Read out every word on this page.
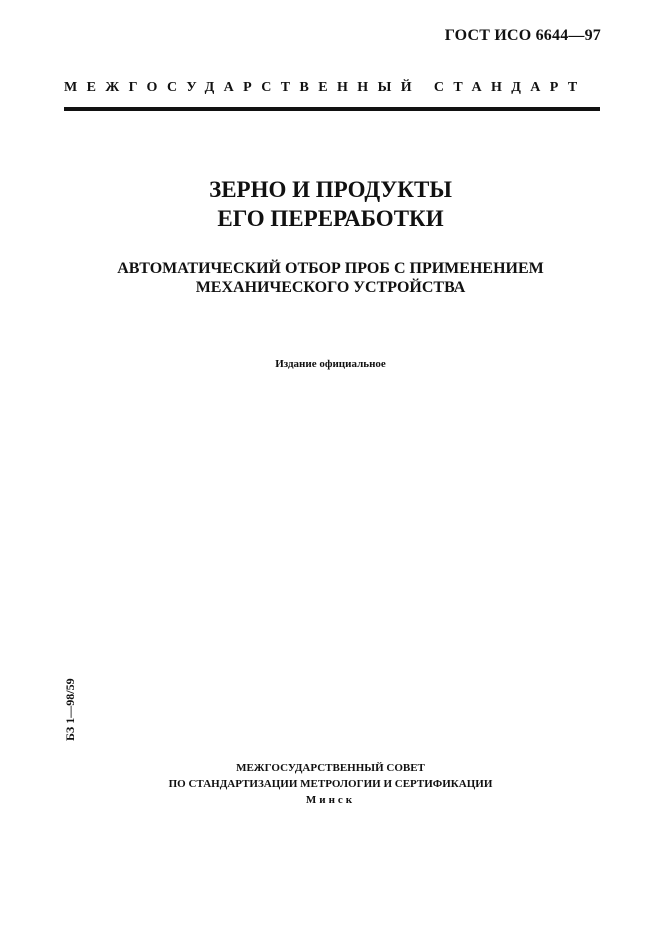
ГОСТ ИСО 6644—97
МЕЖГОСУДАРСТВЕННЫЙ СТАНДАРТ
ЗЕРНО И ПРОДУКТЫ
ЕГО ПЕРЕРАБОТКИ
АВТОМАТИЧЕСКИЙ ОТБОР ПРОБ С ПРИМЕНЕНИЕМ
МЕХАНИЧЕСКОГО УСТРОЙСТВА
Издание официальное
БЗ 1—98/59
МЕЖГОСУДАРСТВЕННЫЙ СОВЕТ
ПО СТАНДАРТИЗАЦИИ МЕТРОЛОГИИ И СЕРТИФИКАЦИИ
Минск
